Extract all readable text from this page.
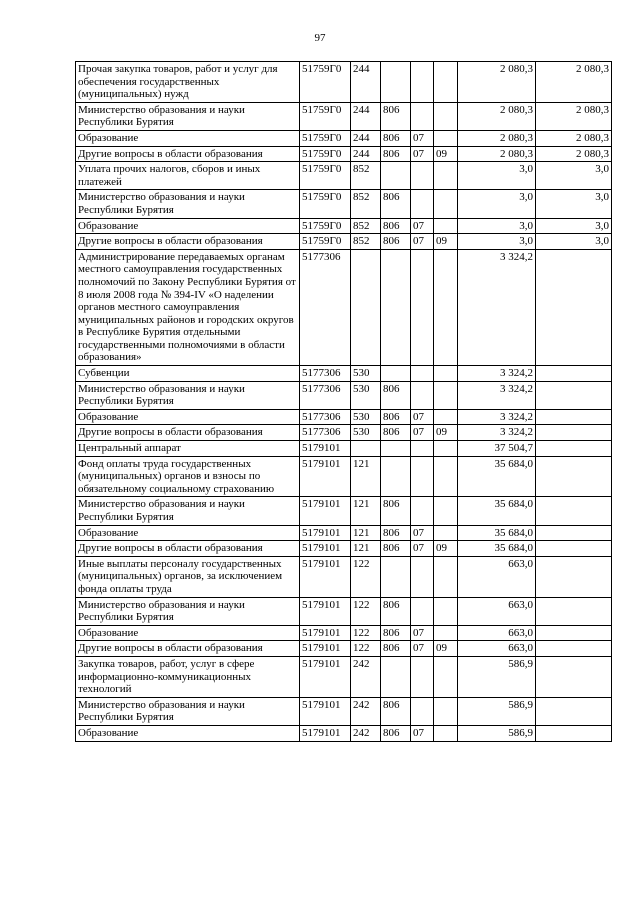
97
Прочая закупка товаров, работ и услуг для обеспечения государственных (муниципальных) нужд	51759Г0	244				2 080,3	2 080,3
Министерство образования и науки Республики Бурятия	51759Г0	244	806			2 080,3	2 080,3
Образование	51759Г0	244	806	07		2 080,3	2 080,3
Другие вопросы в области образования	51759Г0	244	806	07	09	2 080,3	2 080,3
Уплата прочих налогов, сборов и иных платежей	51759Г0	852				3,0	3,0
Министерство образования и науки Республики Бурятия	51759Г0	852	806			3,0	3,0
Образование	51759Г0	852	806	07		3,0	3,0
Другие вопросы в области образования	51759Г0	852	806	07	09	3,0	3,0
Администрирование передаваемых органам местного самоуправления государственных полномочий по Закону Республики Бурятия от 8 июля 2008 года № 394-IV «О наделении органов местного самоуправления муниципальных районов и городских округов в Республике Бурятия отдельными государственными полномочиями в области образования»	5177306					3 324,2	
Субвенции	5177306	530				3 324,2	
Министерство образования и науки Республики Бурятия	5177306	530	806			3 324,2	
Образование	5177306	530	806	07		3 324,2	
Другие вопросы в области образования	5177306	530	806	07	09	3 324,2	
Центральный аппарат	5179101					37 504,7	
Фонд оплаты труда государственных (муниципальных) органов и взносы по обязательному социальному страхованию	5179101	121				35 684,0	
Министерство образования и науки Республики Бурятия	5179101	121	806			35 684,0	
Образование	5179101	121	806	07		35 684,0	
Другие вопросы в области образования	5179101	121	806	07	09	35 684,0	
Иные выплаты персоналу государственных (муниципальных) органов, за исключением фонда оплаты труда	5179101	122				663,0	
Министерство образования и науки Республики Бурятия	5179101	122	806			663,0	
Образование	5179101	122	806	07		663,0	
Другие вопросы в области образования	5179101	122	806	07	09	663,0	
Закупка товаров, работ, услуг в сфере информационно-коммуникационных технологий	5179101	242				586,9	
Министерство образования и науки Республики Бурятия	5179101	242	806			586,9	
Образование	5179101	242	806	07		586,9	
